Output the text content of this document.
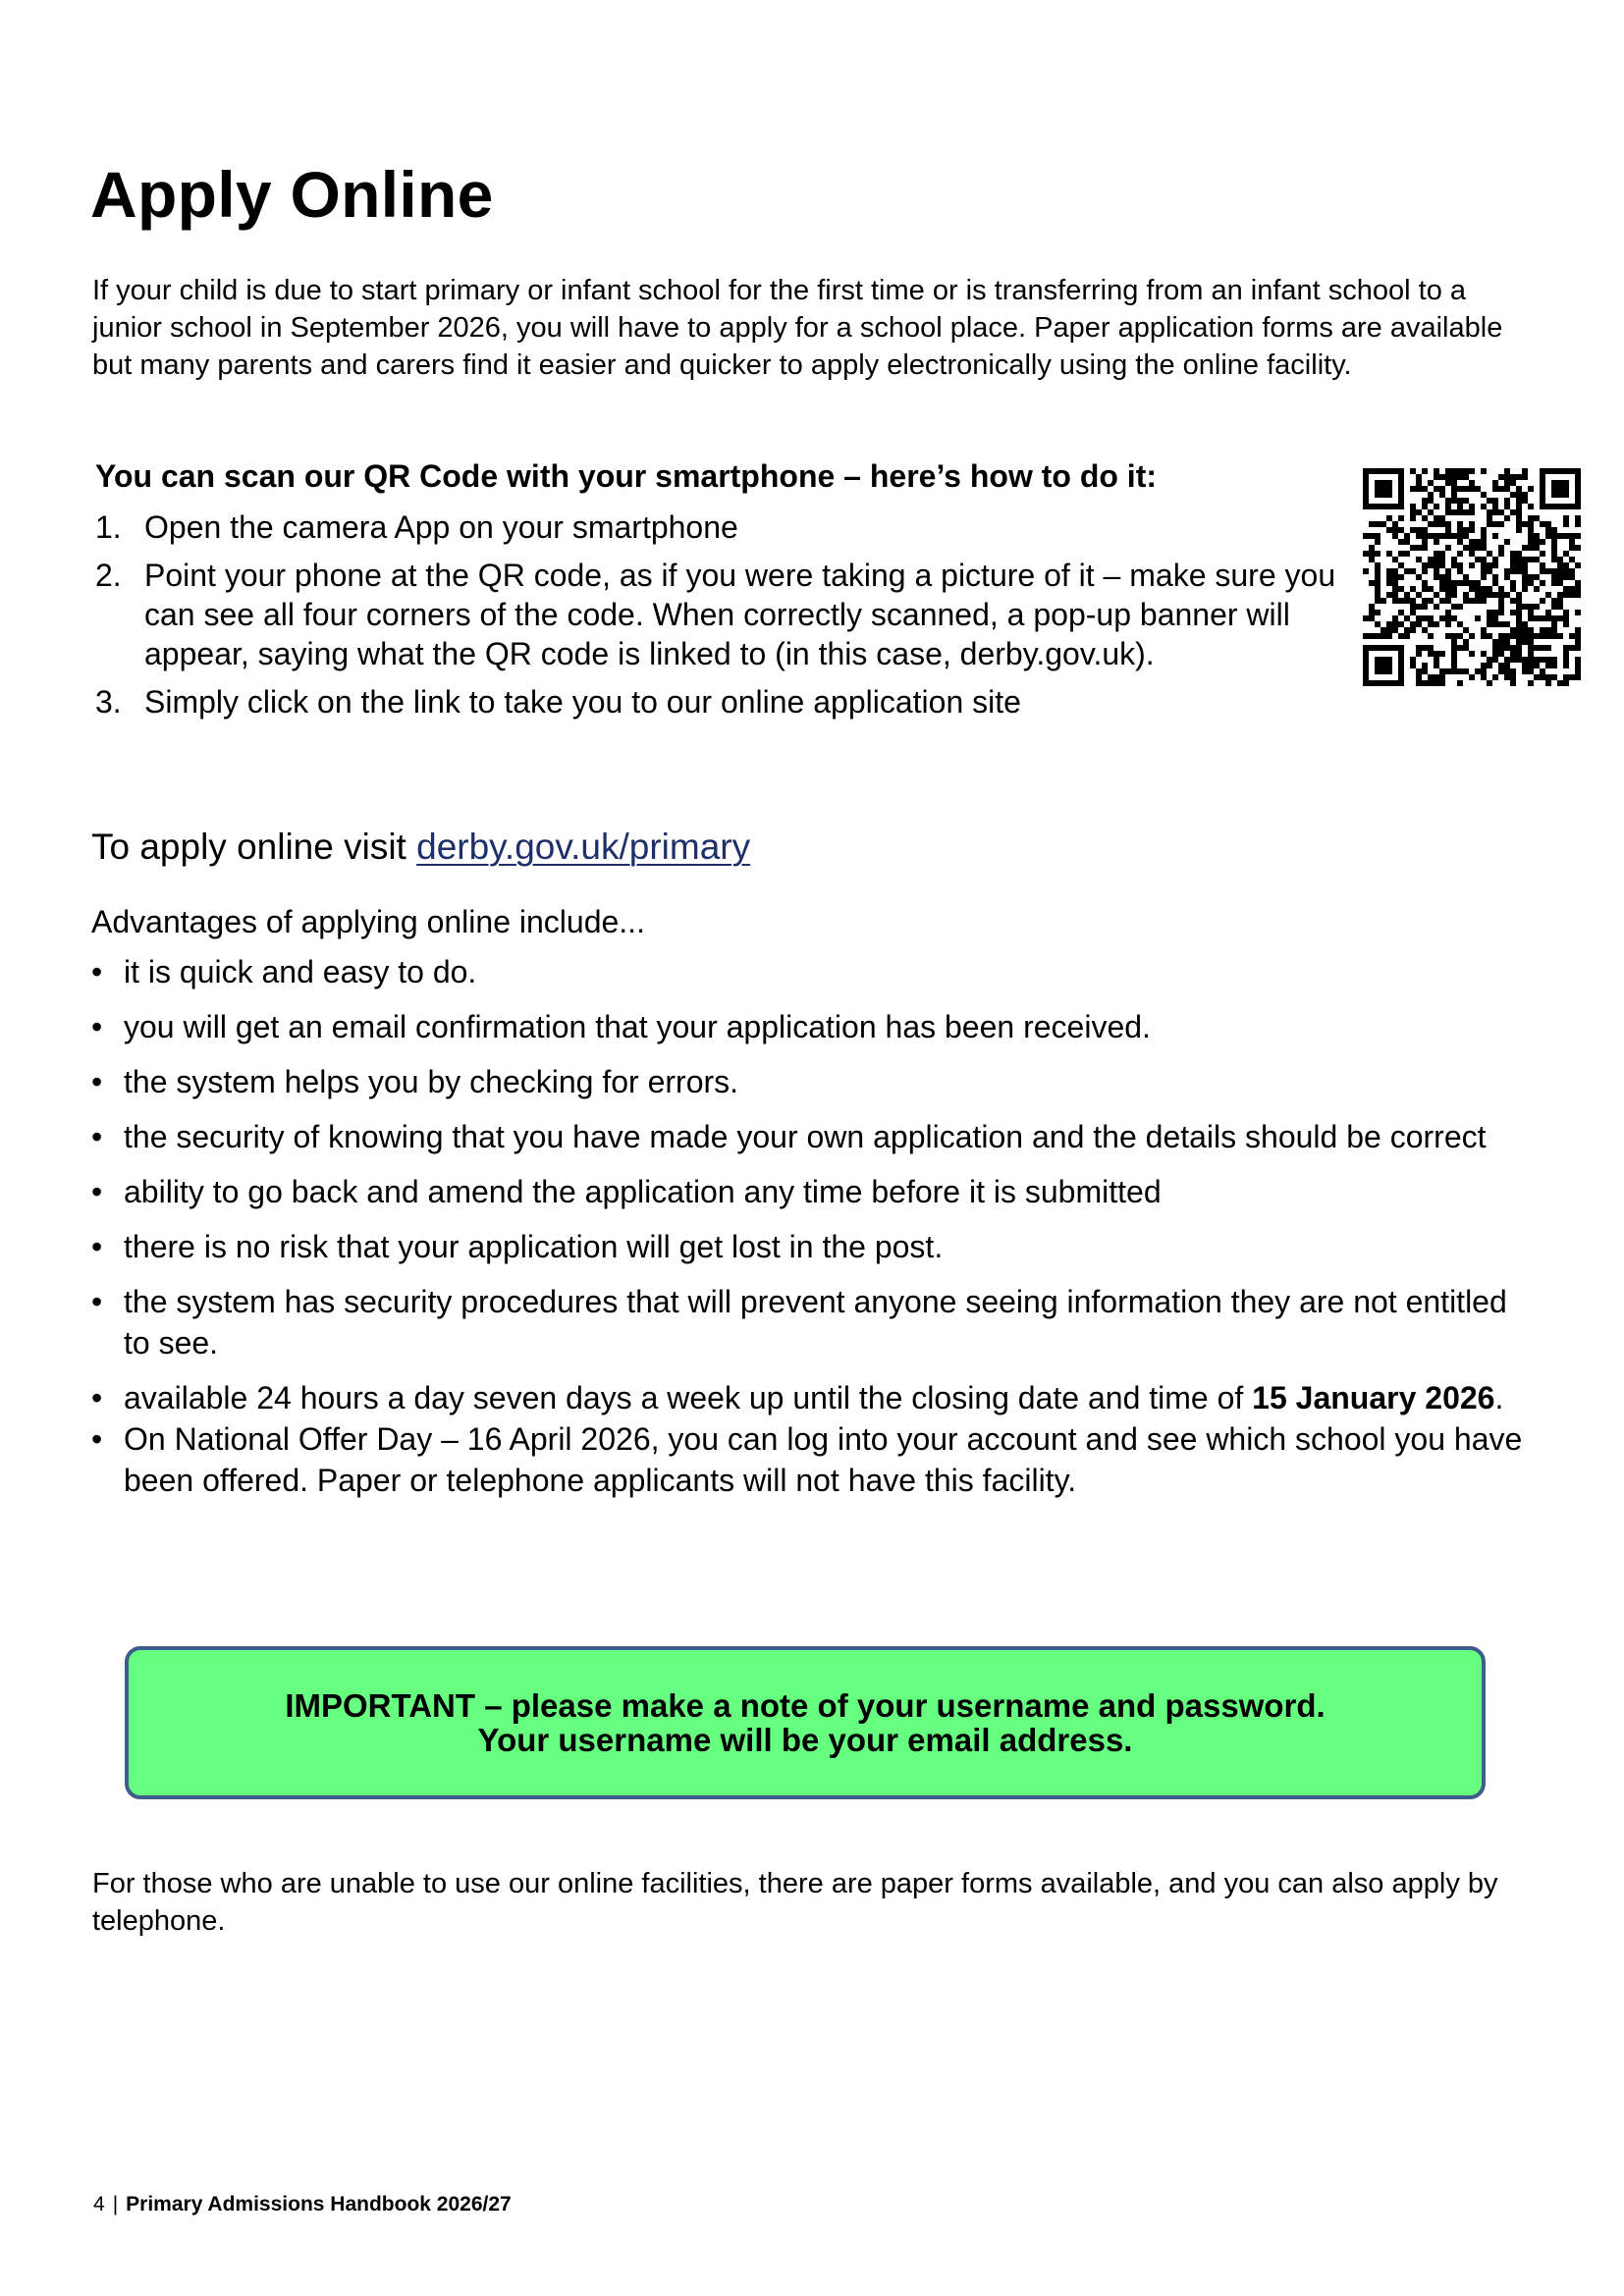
Apply Online

If your child is due to start primary or infant school for the first time or is transferring from an infant school to a junior school in September 2026, you will have to apply for a school place. Paper application forms are available but many parents and carers find it easier and quicker to apply electronically using the online facility.

You can scan our QR Code with your smartphone – here’s how to do it:

1. Open the camera App on your smartphone
2. Point your phone at the QR code, as if you were taking a picture of it – make sure you can see all four corners of the code. When correctly scanned, a pop-up banner will appear, saying what the QR code is linked to (in this case, derby.gov.uk).
3. Simply click on the link to take you to our online application site

To apply online visit derby.gov.uk/primary

Advantages of applying online include...

• it is quick and easy to do.
• you will get an email confirmation that your application has been received.
• the system helps you by checking for errors.
• the security of knowing that you have made your own application and the details should be correct
• ability to go back and amend the application any time before it is submitted
• there is no risk that your application will get lost in the post.
• the system has security procedures that will prevent anyone seeing information they are not entitled to see.
• available 24 hours a day seven days a week up until the closing date and time of 15 January 2026.
• On National Offer Day – 16 April 2026, you can log into your account and see which school you have been offered. Paper or telephone applicants will not have this facility.
IMPORTANT – please make a note of your username and password.
Your username will be your email address.

For those who are unable to use our online facilities, there are paper forms available, and you can also apply by telephone.

4 | Primary Admissions Handbook 2026/27
